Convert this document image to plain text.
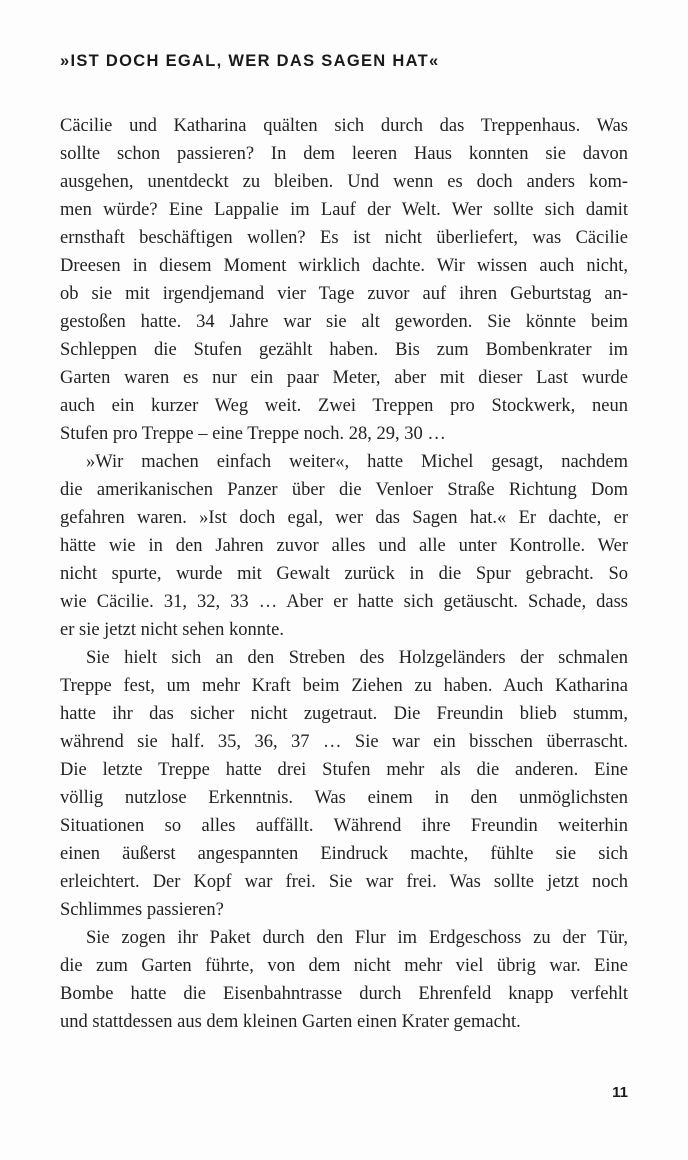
»IST DOCH EGAL, WER DAS SAGEN HAT«
Cäcilie und Katharina quälten sich durch das Treppenhaus. Was
sollte schon passieren? In dem leeren Haus konnten sie davon
ausgehen, unentdeckt zu bleiben. Und wenn es doch anders kom-
men würde? Eine Lappalie im Lauf der Welt. Wer sollte sich damit
ernsthaft beschäftigen wollen? Es ist nicht überliefert, was Cäcilie
Dreesen in diesem Moment wirklich dachte. Wir wissen auch nicht,
ob sie mit irgendjemand vier Tage zuvor auf ihren Geburtstag an-
gestoßen hatte. 34 Jahre war sie alt geworden. Sie könnte beim
Schleppen die Stufen gezählt haben. Bis zum Bombenkrater im
Garten waren es nur ein paar Meter, aber mit dieser Last wurde
auch ein kurzer Weg weit. Zwei Treppen pro Stockwerk, neun
Stufen pro Treppe – eine Treppe noch. 28, 29, 30 …
»Wir machen einfach weiter«, hatte Michel gesagt, nachdem
die amerikanischen Panzer über die Venloer Straße Richtung Dom
gefahren waren. »Ist doch egal, wer das Sagen hat.« Er dachte, er
hätte wie in den Jahren zuvor alles und alle unter Kontrolle. Wer
nicht spurte, wurde mit Gewalt zurück in die Spur gebracht. So
wie Cäcilie. 31, 32, 33 … Aber er hatte sich getäuscht. Schade, dass
er sie jetzt nicht sehen konnte.
Sie hielt sich an den Streben des Holzgeländers der schmalen
Treppe fest, um mehr Kraft beim Ziehen zu haben. Auch Katharina
hatte ihr das sicher nicht zugetraut. Die Freundin blieb stumm,
während sie half. 35, 36, 37 … Sie war ein bisschen überrascht.
Die letzte Treppe hatte drei Stufen mehr als die anderen. Eine
völlig nutzlose Erkenntnis. Was einem in den unmöglichsten
Situationen so alles auffällt. Während ihre Freundin weiterhin
einen äußerst angespannten Eindruck machte, fühlte sie sich
erleichtert. Der Kopf war frei. Sie war frei. Was sollte jetzt noch
Schlimmes passieren?
Sie zogen ihr Paket durch den Flur im Erdgeschoss zu der Tür,
die zum Garten führte, von dem nicht mehr viel übrig war. Eine
Bombe hatte die Eisenbahntrasse durch Ehrenfeld knapp verfehlt
und stattdessen aus dem kleinen Garten einen Krater gemacht.
11
